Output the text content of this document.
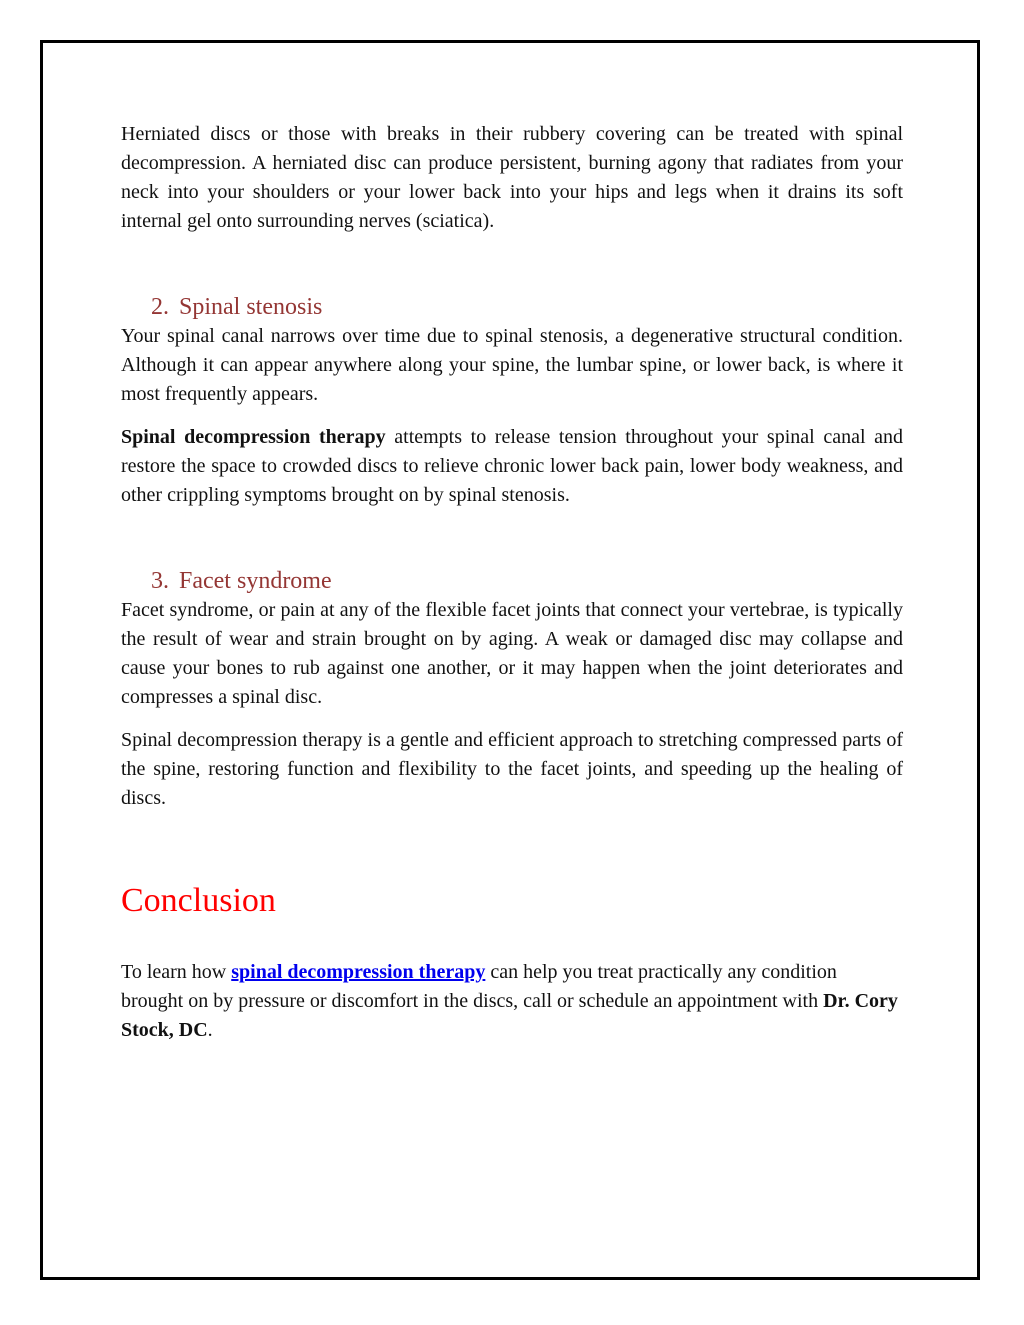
Herniated discs or those with breaks in their rubbery covering can be treated with spinal decompression. A herniated disc can produce persistent, burning agony that radiates from your neck into your shoulders or your lower back into your hips and legs when it drains its soft internal gel onto surrounding nerves (sciatica).

2. Spinal stenosis

Your spinal canal narrows over time due to spinal stenosis, a degenerative structural condition. Although it can appear anywhere along your spine, the lumbar spine, or lower back, is where it most frequently appears.

Spinal decompression therapy attempts to release tension throughout your spinal canal and restore the space to crowded discs to relieve chronic lower back pain, lower body weakness, and other crippling symptoms brought on by spinal stenosis.

3. Facet syndrome

Facet syndrome, or pain at any of the flexible facet joints that connect your vertebrae, is typically the result of wear and strain brought on by aging. A weak or damaged disc may collapse and cause your bones to rub against one another, or it may happen when the joint deteriorates and compresses a spinal disc.

Spinal decompression therapy is a gentle and efficient approach to stretching compressed parts of the spine, restoring function and flexibility to the facet joints, and speeding up the healing of discs.

Conclusion

To learn how spinal decompression therapy can help you treat practically any condition brought on by pressure or discomfort in the discs, call or schedule an appointment with Dr. Cory Stock, DC.
